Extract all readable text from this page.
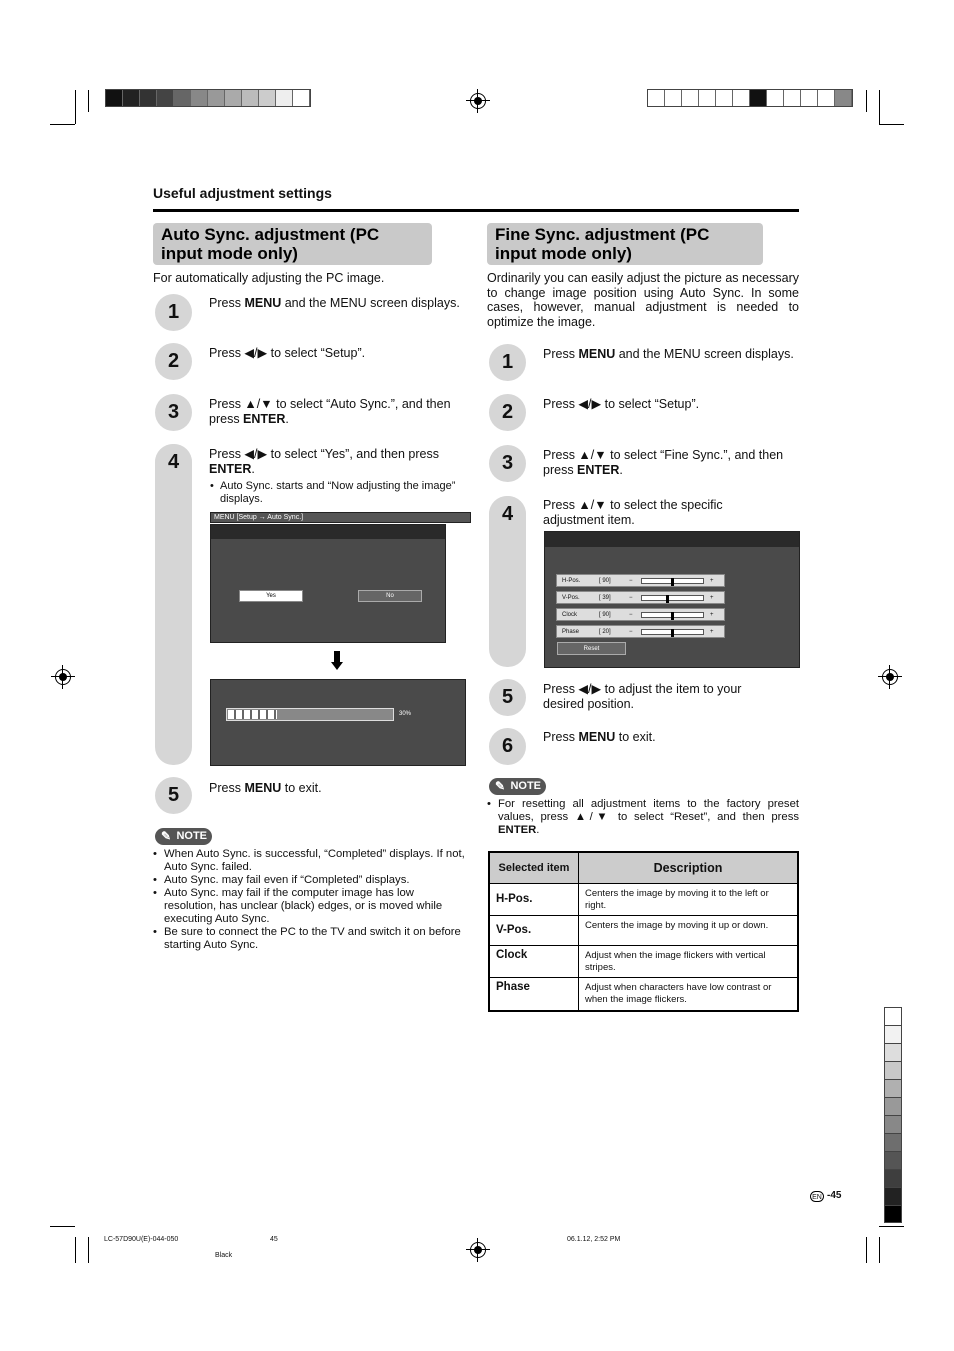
Useful adjustment settings
Auto Sync. adjustment (PC input mode only)
For automatically adjusting the PC image.
1
2
3
4
5
Press MENU and the MENU screen displays.
Press ◀/▶ to select “Setup”.
Press ▲/▼ to select “Auto Sync.”, and then press ENTER.
Press ◀/▶ to select “Yes”, and then press ENTER.
• Auto Sync. starts and “Now adjusting the image” displays.
MENU [Setup → Auto Sync.]
Yes	No
30%
Press MENU to exit.
✎ NOTE
• When Auto Sync. is successful, “Completed” displays. If not, Auto Sync. failed.
• Auto Sync. may fail even if “Completed” displays.
• Auto Sync. may fail if the computer image has low resolution, has unclear (black) edges, or is moved while executing Auto Sync.
• Be sure to connect the PC to the TV and switch it on before starting Auto Sync.
Fine Sync. adjustment (PC input mode only)
Ordinarily you can easily adjust the picture as necessary to change image position using Auto Sync. In some cases, however, manual adjustment is needed to optimize the image.
1
2
3
4
5
6
Press MENU and the MENU screen displays.
Press ◀/▶ to select “Setup”.
Press ▲/▼ to select “Fine Sync.”, and then press ENTER.
Press ▲/▼ to select the specific adjustment item.
H-Pos.	[ 90]	−	+
V-Pos.	[ 39]	−	+
Clock	[ 90]	−	+
Phase	[ 20]	−	+
Reset
Press ◀/▶ to adjust the item to your desired position.
Press MENU to exit.
✎ NOTE
• For resetting all adjustment items to the factory preset values, press ▲/▼ to select “Reset”, and then press ENTER.
Selected item	Description
H-Pos.	Centers the image by moving it to the left or right.
V-Pos.	Centers the image by moving it up or down.
Clock	Adjust when the image flickers with vertical stripes.
Phase	Adjust when characters have low contrast or when the image flickers.
EN -45
LC-57D90U(E)-044-050	45	06.1.12, 2:52 PM
Black
